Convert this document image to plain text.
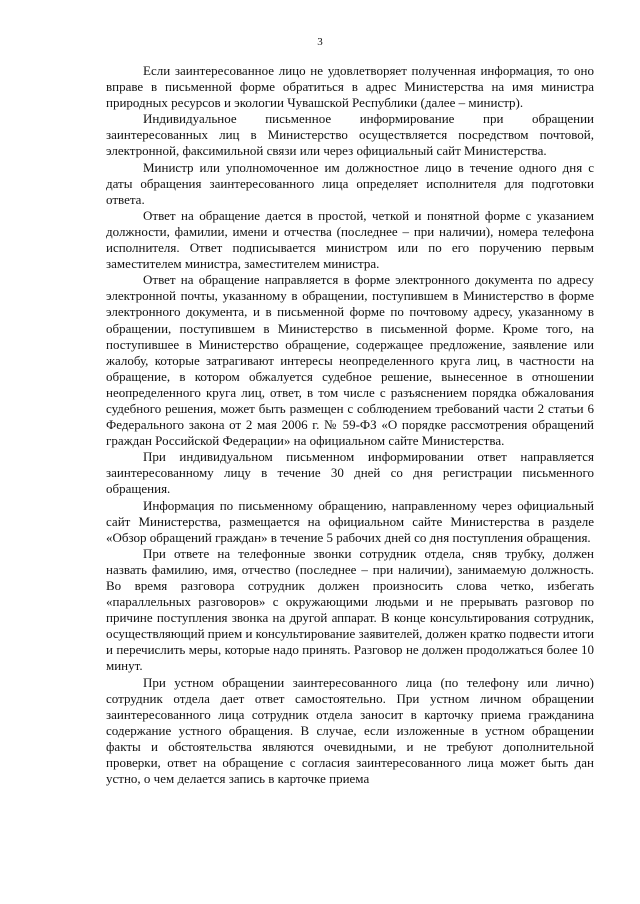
3

Если заинтересованное лицо не удовлетворяет полученная информация, то оно вправе в письменной форме обратиться в адрес Министерства на имя министра природных ресурсов и экологии Чувашской Республики (далее – министр).

Индивидуальное письменное информирование при обращении заинтересованных лиц в Министерство осуществляется посредством почтовой, электронной, факсимильной связи или через официальный сайт Министерства.

Министр или уполномоченное им должностное лицо в течение одного дня с даты обращения заинтересованного лица определяет исполнителя для подготовки ответа.

Ответ на обращение дается в простой, четкой и понятной форме с указанием должности, фамилии, имени и отчества (последнее – при наличии), номера телефона исполнителя. Ответ подписывается министром или по его поручению первым заместителем министра, заместителем министра.

Ответ на обращение направляется в форме электронного документа по адресу электронной почты, указанному в обращении, поступившем в Министерство в форме электронного документа, и в письменной форме по почтовому адресу, указанному в обращении, поступившем в Министерство в письменной форме. Кроме того, на поступившее в Министерство обращение, содержащее предложение, заявление или жалобу, которые затрагивают интересы неопределенного круга лиц, в частности на обращение, в котором обжалуется судебное решение, вынесенное в отношении неопределенного круга лиц, ответ, в том числе с разъяснением порядка обжалования судебного решения, может быть размещен с соблюдением требований части 2 статьи 6 Федерального закона от 2 мая 2006 г. № 59-ФЗ «О порядке рассмотрения обращений граждан Российской Федерации» на официальном сайте Министерства.

При индивидуальном письменном информировании ответ направляется заинтересованному лицу в течение 30 дней со дня регистрации письменного обращения.

Информация по письменному обращению, направленному через официальный сайт Министерства, размещается на официальном сайте Министерства в разделе «Обзор обращений граждан» в течение 5 рабочих дней со дня поступления обращения.

При ответе на телефонные звонки сотрудник отдела, сняв трубку, должен назвать фамилию, имя, отчество (последнее – при наличии), занимаемую должность. Во время разговора сотрудник должен произносить слова четко, избегать «параллельных разговоров» с окружающими людьми и не прерывать разговор по причине поступления звонка на другой аппарат. В конце консультирования сотрудник, осуществляющий прием и консультирование заявителей, должен кратко подвести итоги и перечислить меры, которые надо принять. Разговор не должен продолжаться более 10 минут.

При устном обращении заинтересованного лица (по телефону или лично) сотрудник отдела дает ответ самостоятельно. При устном личном обращении заинтересованного лица сотрудник отдела заносит в карточку приема гражданина содержание устного обращения. В случае, если изложенные в устном обращении факты и обстоятельства являются очевидными, и не требуют дополнительной проверки, ответ на обращение с согласия заинтересованного лица может быть дан устно, о чем делается запись в карточке приема
